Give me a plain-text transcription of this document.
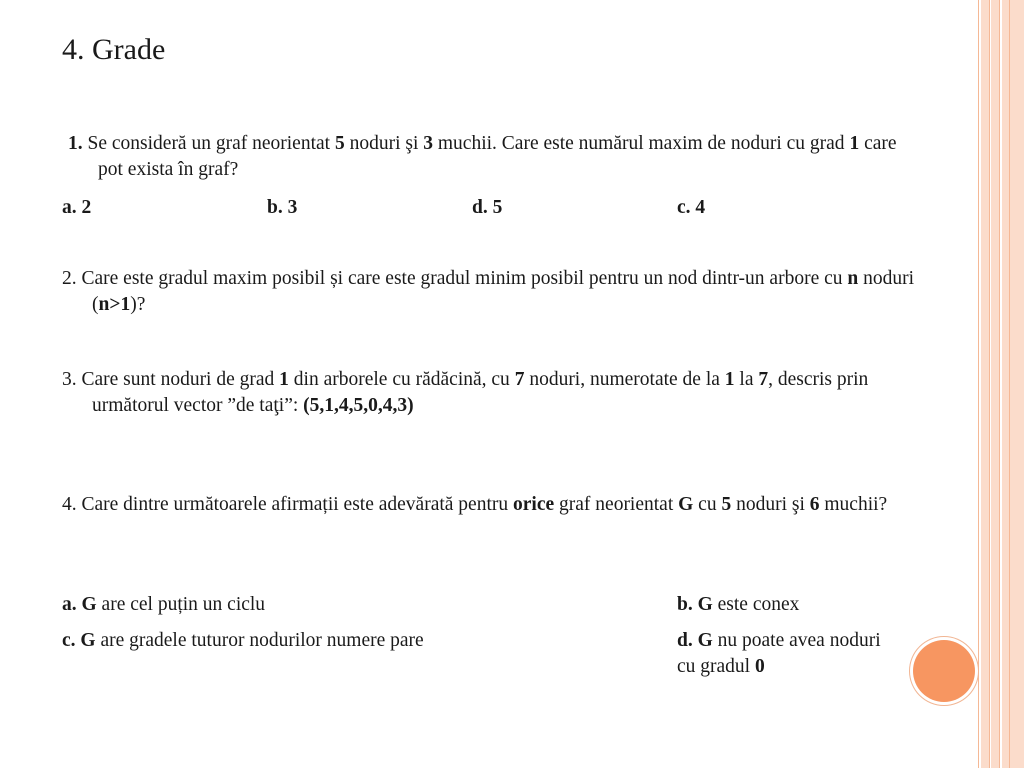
4. Grade

1. Se consideră un graf neorientat 5 noduri şi 3 muchii. Care este numărul maxim de noduri cu grad 1 care pot exista în graf?

a. 2	b. 3	d. 5	c. 4

2. Care este gradul maxim posibil și care este gradul minim posibil pentru un nod dintr-un arbore cu n noduri (n>1)?

3. Care sunt noduri de grad 1 din arborele cu rădăcină, cu 7 noduri, numerotate de la 1 la 7, descris prin următorul vector ”de taţi”: (5,1,4,5,0,4,3)

4. Care dintre următoarele afirmații este adevărată pentru orice graf neorientat G cu 5 noduri şi 6 muchii?

a. G are cel puțin un ciclu	b. G este conex
c. G are gradele tuturor nodurilor numere pare	d. G nu poate avea noduri cu gradul 0
